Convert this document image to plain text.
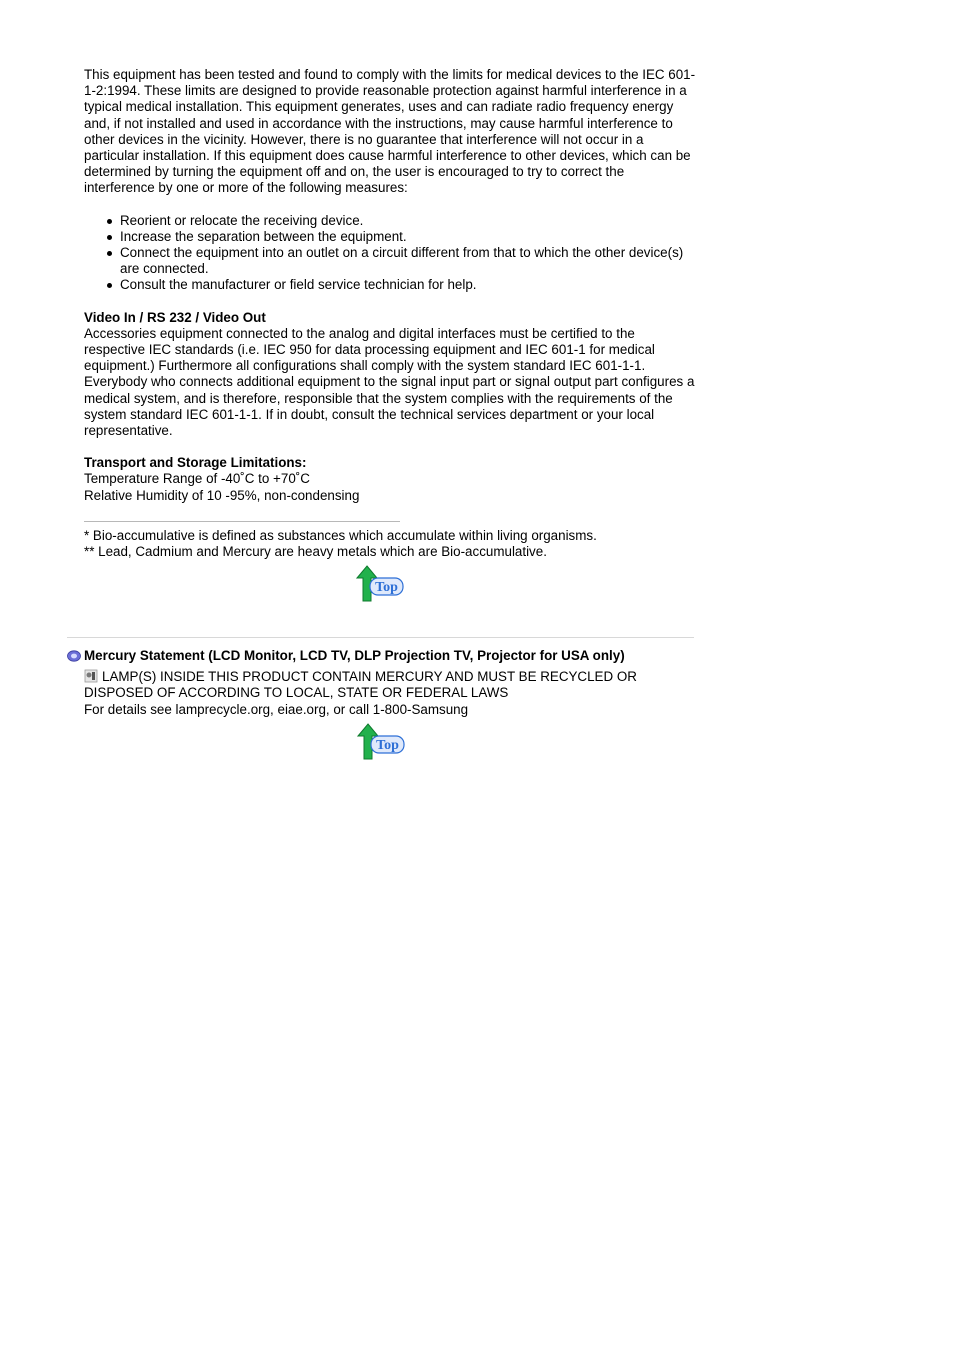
This equipment has been tested and found to comply with the limits for medical devices to the IEC 601-1-2:1994. These limits are designed to provide reasonable protection against harmful interference in a typical medical installation. This equipment generates, uses and can radiate radio frequency energy and, if not installed and used in accordance with the instructions, may cause harmful interference to other devices in the vicinity. However, there is no guarantee that interference will not occur in a particular installation. If this equipment does cause harmful interference to other devices, which can be determined by turning the equipment off and on, the user is encouraged to try to correct the interference by one or more of the following measures:

Reorient or relocate the receiving device.
Increase the separation between the equipment.
Connect the equipment into an outlet on a circuit different from that to which the other device(s) are connected.
Consult the manufacturer or field service technician for help.

Video In / RS 232 / Video Out

Accessories equipment connected to the analog and digital interfaces must be certified to the respective IEC standards (i.e. IEC 950 for data processing equipment and IEC 601-1 for medical equipment.) Furthermore all configurations shall comply with the system standard IEC 601-1-1. Everybody who connects additional equipment to the signal input part or signal output part configures a medical system, and is therefore, responsible that the system complies with the requirements of the system standard IEC 601-1-1. If in doubt, consult the technical services department or your local representative.

Transport and Storage Limitations:

Temperature Range of -40˚C to +70˚C

Relative Humidity of 10 -95%, non-condensing

* Bio-accumulative is defined as substances which accumulate within living organisms.

** Lead, Cadmium and Mercury are heavy metals which are Bio-accumulative.

Top
Mercury Statement (LCD Monitor, LCD TV, DLP Projection TV, Projector for USA only)

LAMP(S) INSIDE THIS PRODUCT CONTAIN MERCURY AND MUST BE RECYCLED OR DISPOSED OF ACCORDING TO LOCAL, STATE OR FEDERAL LAWS

For details see lamprecycle.org, eiae.org, or call 1-800-Samsung

Top
